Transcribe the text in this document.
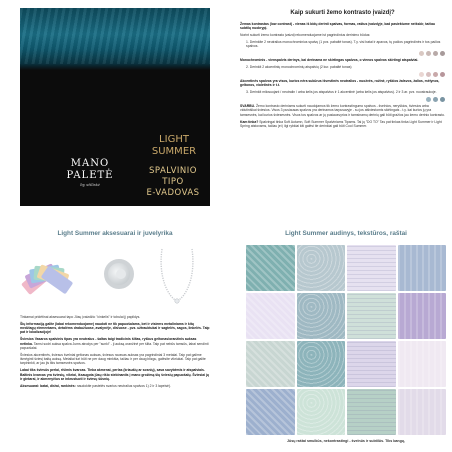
LIGHT
SUMMER
MANO
PALETĖ
by stilistė
SPALVINIO
TIPO
E-VADOVAS
Kaip sukurti žemo kontrasto įvaizdį?

Žemas kontrastas (low contrast) - vienas iš bidų derinti spalvas, formas, raštus įvaizdyje, kad pasiektume neišskir, tačiau subtilų nuokrypį.

Norint sukurti žemo kontrasto įvaizdį rekomenduojame ist pagrindinius derinimo būdus:

1. Derinkite 2 neutralius monochrominius spalvų (1 pvz. pabaltė tonas). T.y. visi batai ir apavos, tų pačios pagrindinės ir tos pačios spalvos.

Monochrominis - vienspalvis derinys, kai derinama ne skirtingas spalvos, o vienos spalvos skirtingi atspalviai.

2. Derinkit 2 akcentinių monochrominių atspalvių (2 kur. pabaltė tonas)

Akcentinės spalvos yra visos, kurios nėra sukūrus išvestinės neutralios - nuožvės, rožinė, ryškios žalsvos, žalios, mėlynos, geltonos, violetinės ir t.t.

3. Derinkit milosuojant / neutralin / arba kelis jos atspalvius ir 1 akcentinė (arba kelis jos atspalvius). 2 ir 3 ar. pvz. nuostraukoje.

SVARBU. Žemo kontrasto deriniams sukurti naudojamos tik žemo kontrastingumo spalvos - švelnios, neryškios, šviesios arba vidutiniškai šviesios. Visos 3 pusiausas spalvos yra derinamos tarpusavyje - su jos atšviestomis skirtingais - t.y. kai kurios jų yra tamsesnės, kai kurios šviesesnės. Visos tos spalvos ar jų pusiausvyrios ir tamsinamų derinių gali būti gražios jau žemo derinio kontrasto.

Kam tinka? Spalvingai tinka Soft Autumn, Soft Summer Spalviniams Tipams. Tai jų "DO TO" Tas pat tinkas tinka Light Summer ir Light Spring atstovams, tačiau jei į ilgi rybkiai kiti galėsi tie derinkiai gali būti Cool Summer.

Light Summer aksesuarai ir juvelyrika

Tinkamai pridėtinai aksesuarai tapo Jūsų įvaizdžio "cinkelis" ir tobulai jį papildys.

Šių informaciją galite (labai rekomenduojame) naudoti ne tik papuošalams, bet ir visiems metaliniams ir kitų medžiagų elementams, detalėms drabužiuose, avalynėje, diržuose - pvz. užtrauktukai ir sagtelės, sagos, linkelės. Taip pat ir lokalizacijoje!

Šviesios Vasaros spalvinis tipas yra neutralus - šaltas taigi tradicinis šiltas, ryškus geltonas/oranžinis auksas netinka. Tamsi sodri auksa spalva Jums atrodys per "sunki" - ji auksą oranžinė per šilta. Taip pat nebūs tamsūs, labai sendinti papuošalai.

Šviesios akcentinės, šviesus švelniai geltonas auksas, šviesus rausvas auksas yra pagrindiniai 3 metalai. Taip pat galime išmėginti šviesį baltą auksą. Metaliai turi būti ne per daug minkšta, tačiau ir per daug blizgu, galėsite vikriukai. Taip pat galite tarpininkti, ar jau jis tiks tamsesnės spalvos.

Labai tiks šviesūs perlai, rišimis kvarcas. Tinka akmenai, perlas (kriaušių ar sosnių), sava savybėmis ir atspalviais. Baltinis kvarcas yra šviesių, vikriai, išsaugota jūsų rišio stebinantis į mano grožimą šių šviesių papuošalų. Šviesiai jų ir gintarai, ir akmenyčius ar inkrustuoti ir šviesų šūsnių.

Aksesuarai: batai, diržai, rankinės: naudokite pastelės svarius neutralius spalvos 1) 2 ir 3 lapeisė).

Light Summer audinys, tekstūros, raštai
Jūsų raštai smulkūs, nekontrastingi - švelnūs ir subtilūs. Tiks bangų,
